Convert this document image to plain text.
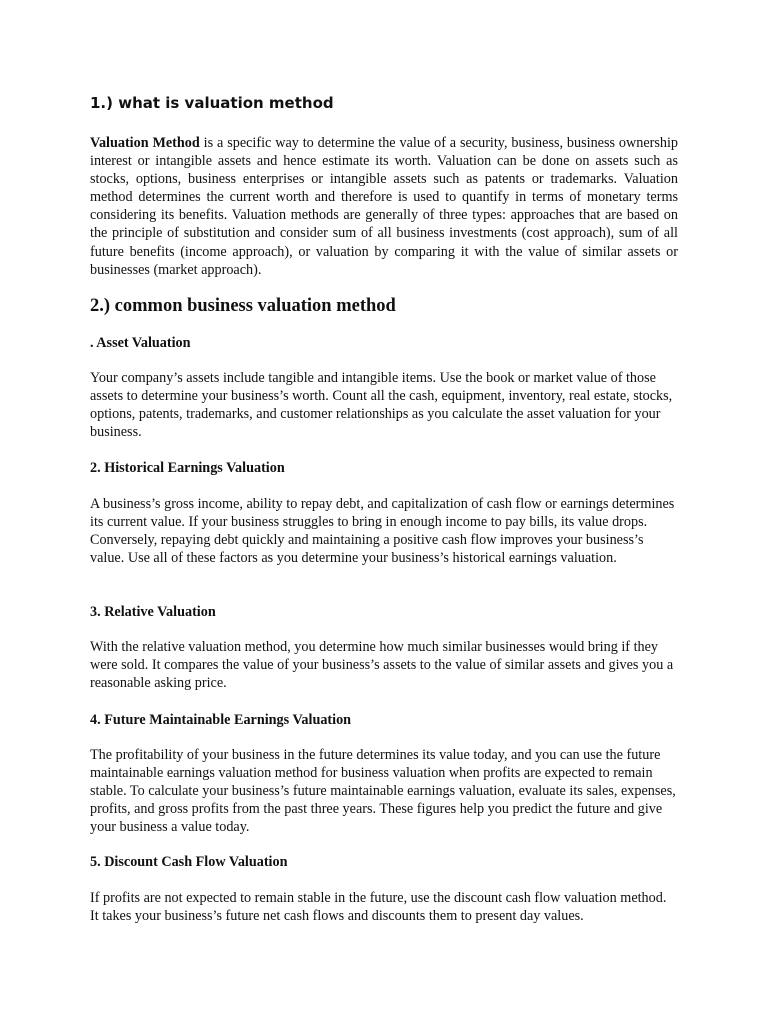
1.) what is valuation method

Valuation Method is a specific way to determine the value of a security, business, business ownership interest or intangible assets and hence estimate its worth. Valuation can be done on assets such as stocks, options, business enterprises or intangible assets such as patents or trademarks. Valuation method determines the current worth and therefore is used to quantify in terms of monetary terms considering its benefits. Valuation methods are generally of three types: approaches that are based on the principle of substitution and consider sum of all business investments (cost approach), sum of all future benefits (income approach), or valuation by comparing it with the value of similar assets or businesses (market approach).

2.) common business valuation method
. Asset Valuation

Your company’s assets include tangible and intangible items. Use the book or market value of those assets to determine your business’s worth. Count all the cash, equipment, inventory, real estate, stocks, options, patents, trademarks, and customer relationships as you calculate the asset valuation for your business.

2. Historical Earnings Valuation

A business’s gross income, ability to repay debt, and capitalization of cash flow or earnings determines its current value. If your business struggles to bring in enough income to pay bills, its value drops. Conversely, repaying debt quickly and maintaining a positive cash flow improves your business’s value. Use all of these factors as you determine your business’s historical earnings valuation.

3. Relative Valuation

With the relative valuation method, you determine how much similar businesses would bring if they were sold. It compares the value of your business’s assets to the value of similar assets and gives you a reasonable asking price.

4. Future Maintainable Earnings Valuation

The profitability of your business in the future determines its value today, and you can use the future maintainable earnings valuation method for business valuation when profits are expected to remain stable. To calculate your business’s future maintainable earnings valuation, evaluate its sales, expenses, profits, and gross profits from the past three years. These figures help you predict the future and give your business a value today.

5. Discount Cash Flow Valuation

If profits are not expected to remain stable in the future, use the discount cash flow valuation method. It takes your business’s future net cash flows and discounts them to present day values.
